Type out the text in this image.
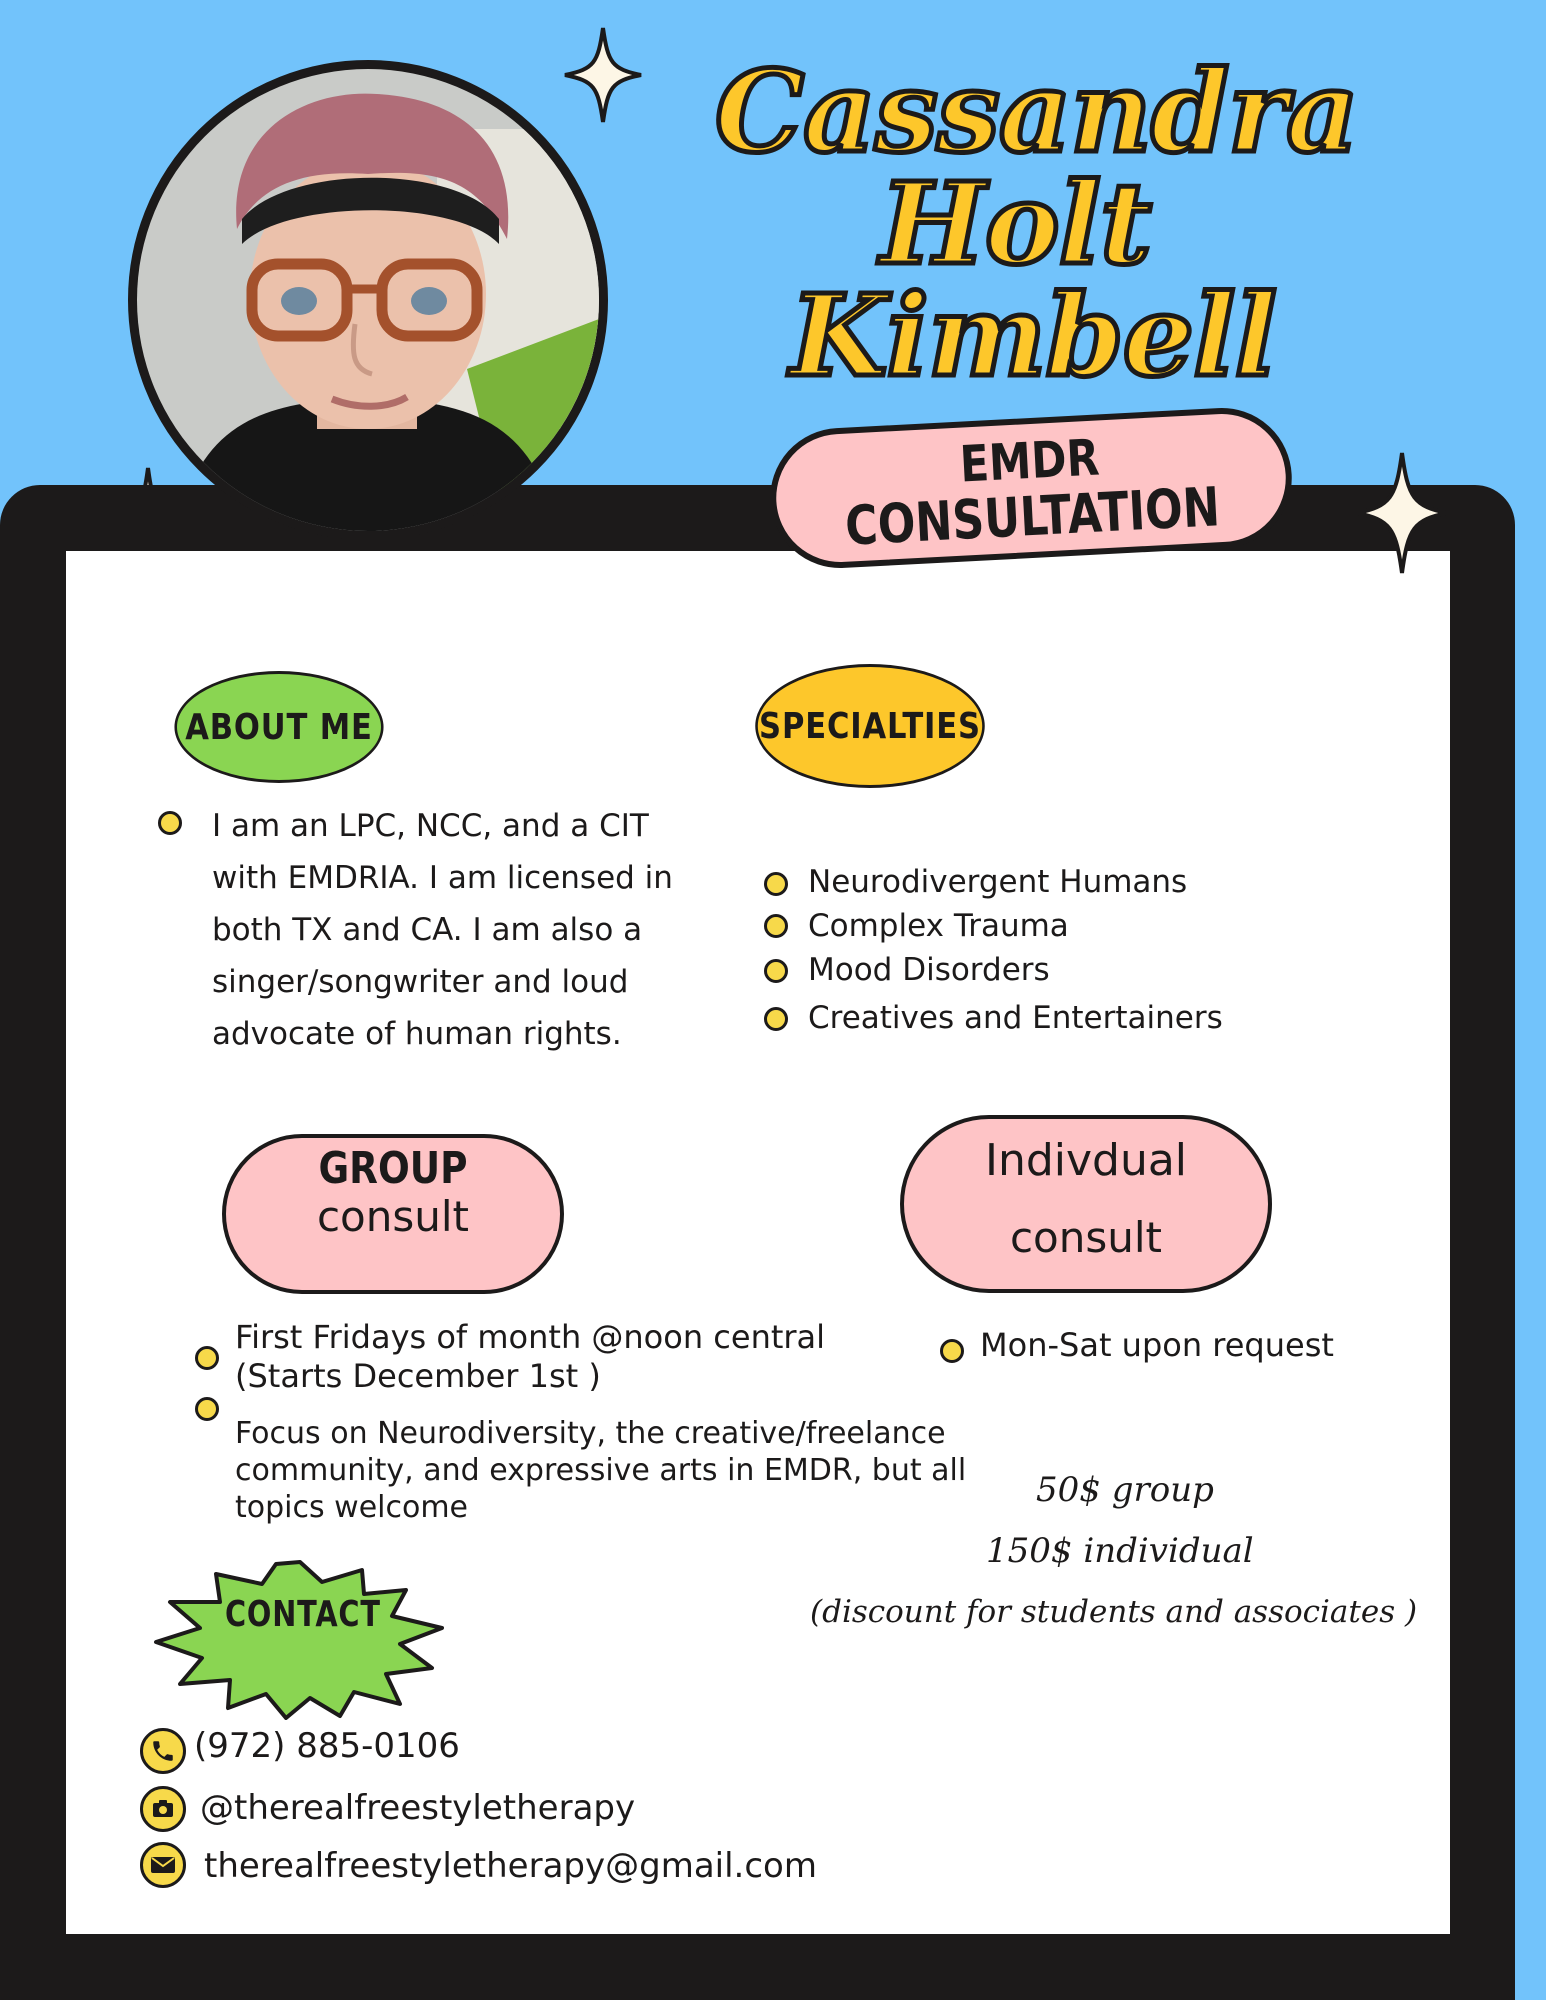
Cassandra
Holt
Kimbell
EMDR
CONSULTATION
ABOUT ME
I am an LPC, NCC, and a CIT
with EMDRIA. I am licensed in
both TX and CA. I am also a
singer/songwriter and loud
advocate of human rights.
SPECIALTIES
Neurodivergent Humans
Complex Trauma
Mood Disorders
Creatives and Entertainers
GROUP
consult
First Fridays of month @noon central
(Starts December 1st )
Focus on Neurodiversity, the creative/freelance
community, and expressive arts in EMDR, but all
topics welcome
Indivdual
consult
Mon-Sat upon request
50$ group
150$ individual
(discount for students and associates )
CONTACT
(972) 885-0106
@therealfreestyletherapy
therealfreestyletherapy@gmail.com
